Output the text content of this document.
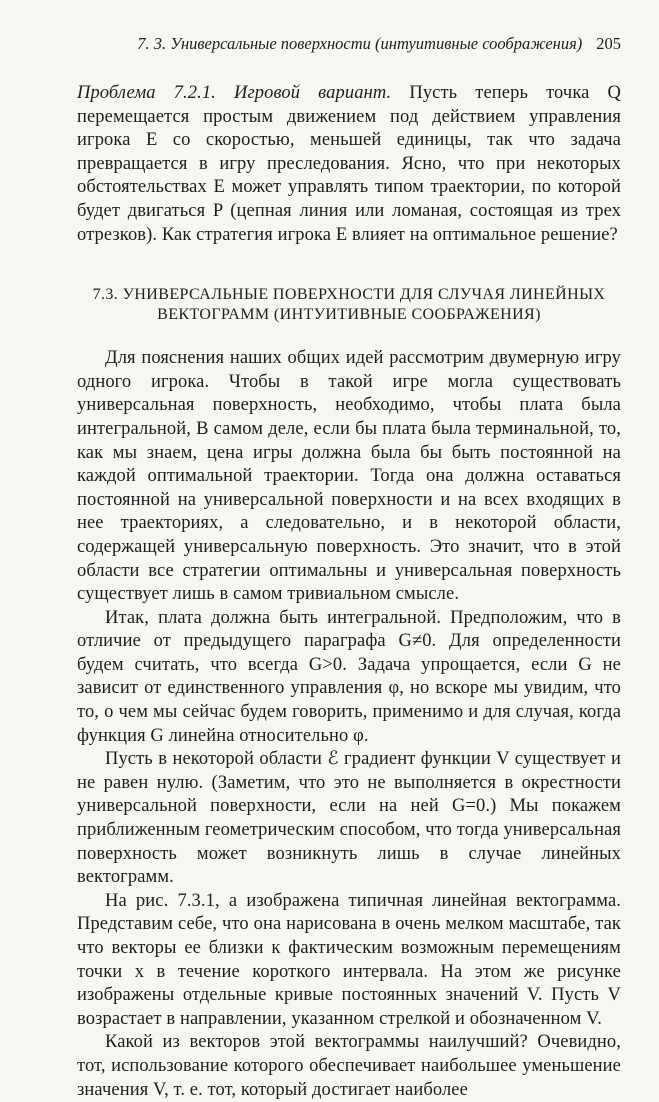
7. 3. Универсальные поверхности (интуитивные соображения) 205

Проблема 7.2.1. Игровой вариант. Пусть теперь точка Q перемещается простым движением под действием управления игрока E со скоростью, меньшей единицы, так что задача превращается в игру преследования. Ясно, что при некоторых обстоятельствах E может управлять типом траектории, по которой будет двигаться P (цепная линия или ломаная, состоящая из трех отрезков). Как стратегия игрока E влияет на оптимальное решение?

7.3. УНИВЕРСАЛЬНЫЕ ПОВЕРХНОСТИ ДЛЯ СЛУЧАЯ ЛИНЕЙНЫХ
ВЕКТОГРАММ (ИНТУИТИВНЫЕ СООБРАЖЕНИЯ)

Для пояснения наших общих идей рассмотрим двумерную игру одного игрока. Чтобы в такой игре могла существовать универсальная поверхность, необходимо, чтобы плата была интегральной, В самом деле, если бы плата была терминальной, то, как мы знаем, цена игры должна была бы быть постоянной на каждой оптимальной траектории. Тогда она должна оставаться постоянной на универсальной поверхности и на всех входящих в нее траекториях, а следовательно, и в некоторой области, содержащей универсальную поверхность. Это значит, что в этой области все стратегии оптимальны и универсальная поверхность существует лишь в самом тривиальном смысле.

Итак, плата должна быть интегральной. Предположим, что в отличие от предыдущего параграфа G≠0. Для определенности будем считать, что всегда G>0. Задача упрощается, если G не зависит от единственного управления φ, но вскоре мы увидим, что то, о чем мы сейчас будем говорить, применимо и для случая, когда функция G линейна относительно φ.

Пусть в некоторой области ℰ градиент функции V существует и не равен нулю. (Заметим, что это не выполняется в окрестности универсальной поверхности, если на ней G=0.) Мы покажем приближенным геометрическим способом, что тогда универсальная поверхность может возникнуть лишь в случае линейных вектограмм.

На рис. 7.3.1, a изображена типичная линейная вектограмма. Представим себе, что она нарисована в очень мелком масштабе, так что векторы ее близки к фактическим возможным перемещениям точки x в течение короткого интервала. На этом же рисунке изображены отдельные кривые постоянных значений V. Пусть V возрастает в направлении, указанном стрелкой и обозначенном V.

Какой из векторов этой вектограммы наилучший? Очевидно, тот, использование которого обеспечивает наибольшее уменьшение значения V, т. е. тот, который достигает наиболее
